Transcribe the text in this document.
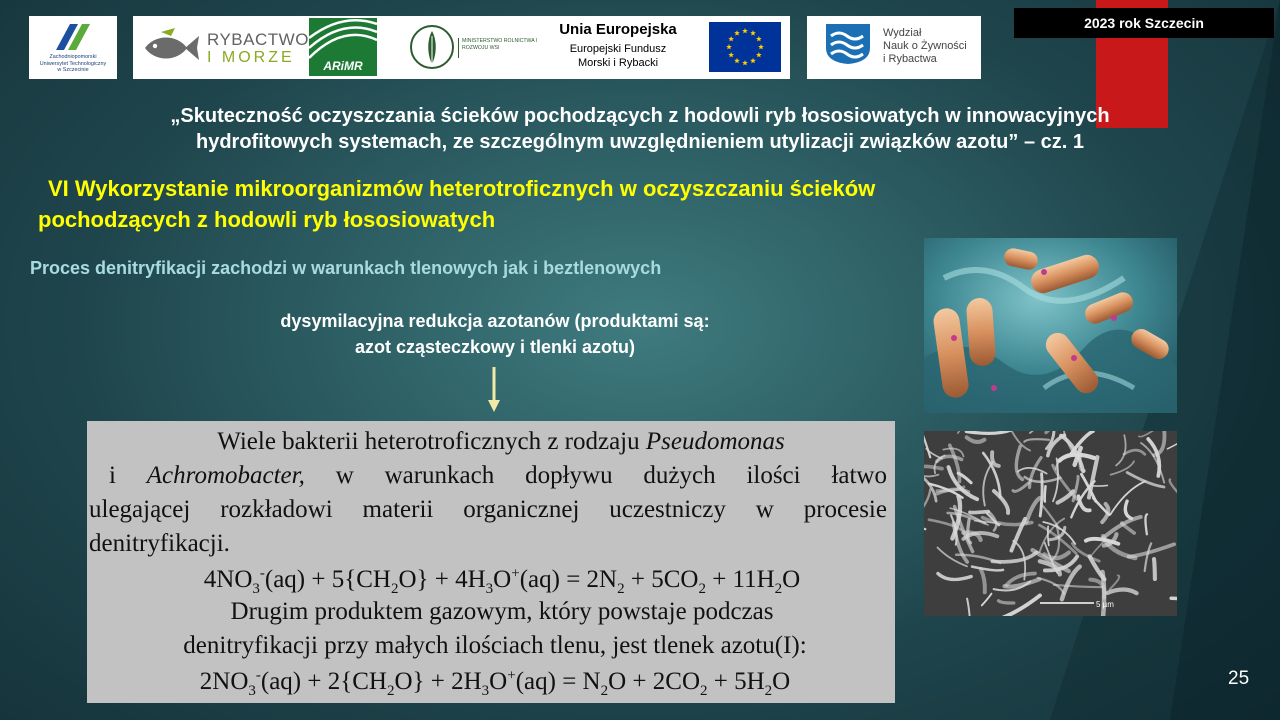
2023 rok Szczecin
Zachodniopomorski
Uniwersytet Technologiczny
w Szczecinie
RYBACTWO
I MORZE	ARiMR
MINISTERSTWO ROLNICTWA I ROZWOJU WSI
Unia Europejska
Europejski Fundusz
Morski i Rybacki
Wydział
Nauk o Żywności
i Rybactwa
„Skuteczność oczyszczania ścieków pochodzących z hodowli ryb łososiowatych w innowacyjnych
hydrofitowych systemach, ze szczególnym uwzględnieniem utylizacji związków azotu” – cz. 1
VI Wykorzystanie mikroorganizmów heterotroficznych w oczyszczaniu ścieków
pochodzących z hodowli ryb łososiowatych
Proces denitryfikacji zachodzi w warunkach tlenowych jak i beztlenowych
dysymilacyjna redukcja azotanów (produktami są:
azot cząsteczkowy i tlenki azotu)
Wiele bakterii heterotroficznych z rodzaju Pseudomonas
i Achromobacter, w warunkach dopływu dużych ilości łatwo
ulegającej rozkładowi materii organicznej uczestniczy w procesie
denitryfikacji.
$4NO_3^-(aq) + 5\{CH_2O\} + 4H_3O^+(aq) = 2N_2 + 5CO_2 + 11H_2O$
Drugim produktem gazowym, który powstaje podczas
denitryfikacji przy małych ilościach tlenu, jest tlenek azotu(I):
$2NO_3^-(aq) + 2\{CH_2O\} + 2H_3O^+(aq) = N_2O + 2CO_2 + 5H_2O$
5 µm
25
